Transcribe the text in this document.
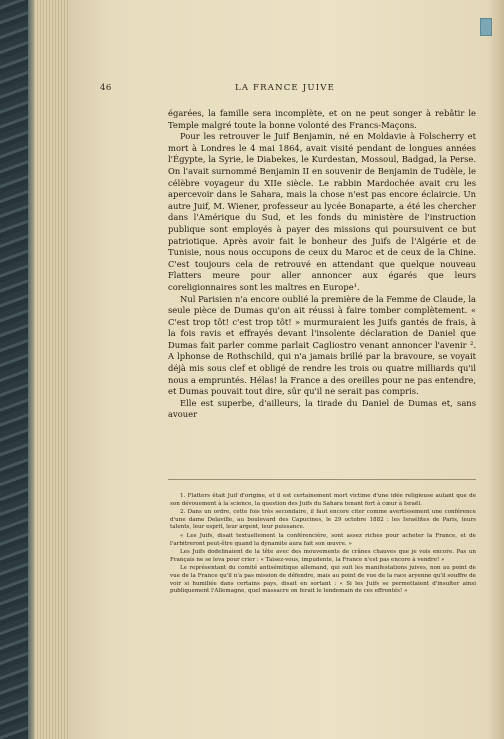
46	LA FRANCE JUIVE

égarées, la famille sera incomplète, et on ne peut songer à rebâtir le Temple malgré toute la bonne volonté des Francs-Maçons.

Pour les retrouver le Juif Benjamin, né en Moldavie à Folscherry et mort à Londres le 4 mai 1864, avait visité pendant de longues années l'Égypte, la Syrie, le Diabekes, le Kurdestan, Mossoul, Badgad, la Perse. On l'avait surnommé Benjamin II en souvenir de Benjamin de Tudèle, le célèbre voyageur du XIIe siècle. Le rabbin Mardochée avait cru les apercevoir dans le Sahara, mais la chose n'est pas encore éclaircie. Un autre Juif, M. Wiener, professeur au lycée Bonaparte, a été les chercher dans l'Amérique du Sud, et les fonds du ministère de l'instruction publique sont employés à payer des missions qui poursuivent ce but patriotique. Après avoir fait le bonheur des Juifs de l'Algérie et de Tunisie, nous nous occupons de ceux du Maroc et de ceux de la Chine. C'est toujours cela de retrouvé en attendant que quelque nouveau Flatters meure pour aller annoncer aux égarés que leurs coreligionnaires sont les maîtres en Europe¹.

Nul Parisien n'a encore oublié la première de la Femme de Claude, la seule pièce de Dumas qu'on ait réussi à faire tomber complètement. « C'est trop tôt! c'est trop tôt! » murmuraient les Juifs gantés de frais, à la fois ravis et effrayés devant l'insolente déclaration de Daniel que Dumas fait parler comme parlait Cagliostro venant annoncer l'avenir ². A lphonse de Rothschild, qui n'a jamais brillé par la bravoure, se voyait déjà mis sous clef et obligé de rendre les trois ou quatre milliards qu'il nous a empruntés. Hélas! la France a des oreilles pour ne pas entendre, et Dumas pouvait tout dire, sûr qu'il ne serait pas compris.

Elle est superbe, d'ailleurs, la tirade du Daniel de Dumas et, sans avouer

1. Flatters était Juif d'origine, et il est certainement mort victime d'une idée religieuse autant que de son dévouement à la science, la question des Juifs du Sahara tenant fort à cœur à Israël.

2. Dans un ordre, cette fois très secondaire, il faut encore citer comme avertissement une conférence d'une dame Delaville, au boulevard des Capucines, le 29 octobre 1882 : les Israélites de Paris, leurs talents, leur esprit, leur argent, leur puissance.

« Les Juifs, disait textuellement la conférencière, sont assez riches pour acheter la France, et de l'arbitreront peut-être quand la dynamite aura fait son œuvre. »

Les Juifs dodelinaient de la tête avec des mouvements de crânes chauves que je vois encore. Pas un Français ne se leva pour crier : « Taisez-vous, impudente, la France n'est pas encore à vendre! »

Le représentant du comité antisémitique allemand, qui suit les manifestations juives, non au point de vue de la France qu'il n'a pas mission de défendre, mais au point de vue de la race aryenne qu'il souffre de voir si humiliée dans certains pays, disait en sortant : « Si les Juifs se permettaient d'insulter ainsi publiquement l'Allemagne, quel massacre on ferait le lendemain de ces effrontés! »
